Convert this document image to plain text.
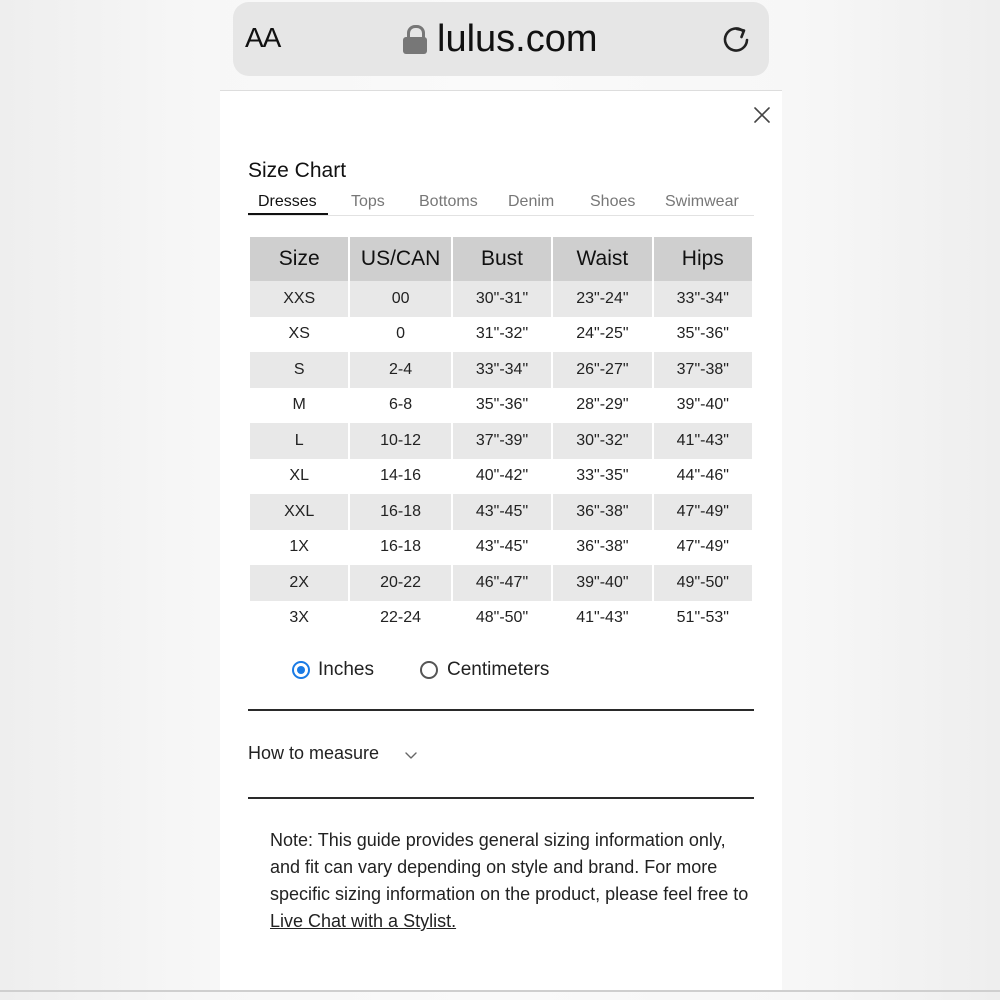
AA	lulus.com
Size Chart
Dresses Tops Bottoms Denim Shoes Swimwear
Size	US/CAN	Bust	Waist	Hips
XXS	00	30"-31"	23"-24"	33"-34"
XS	0	31"-32"	24"-25"	35"-36"
S	2-4	33"-34"	26"-27"	37"-38"
M	6-8	35"-36"	28"-29"	39"-40"
L	10-12	37"-39"	30"-32"	41"-43"
XL	14-16	40"-42"	33"-35"	44"-46"
XXL	16-18	43"-45"	36"-38"	47"-49"
1X	16-18	43"-45"	36"-38"	47"-49"
2X	20-22	46"-47"	39"-40"	49"-50"
3X	22-24	48"-50"	41"-43"	51"-53"
Inches	Centimeters
How to measure
Note: This guide provides general sizing information only, and fit can vary depending on style and brand. For more specific sizing information on the product, please feel free to Live Chat with a Stylist.
